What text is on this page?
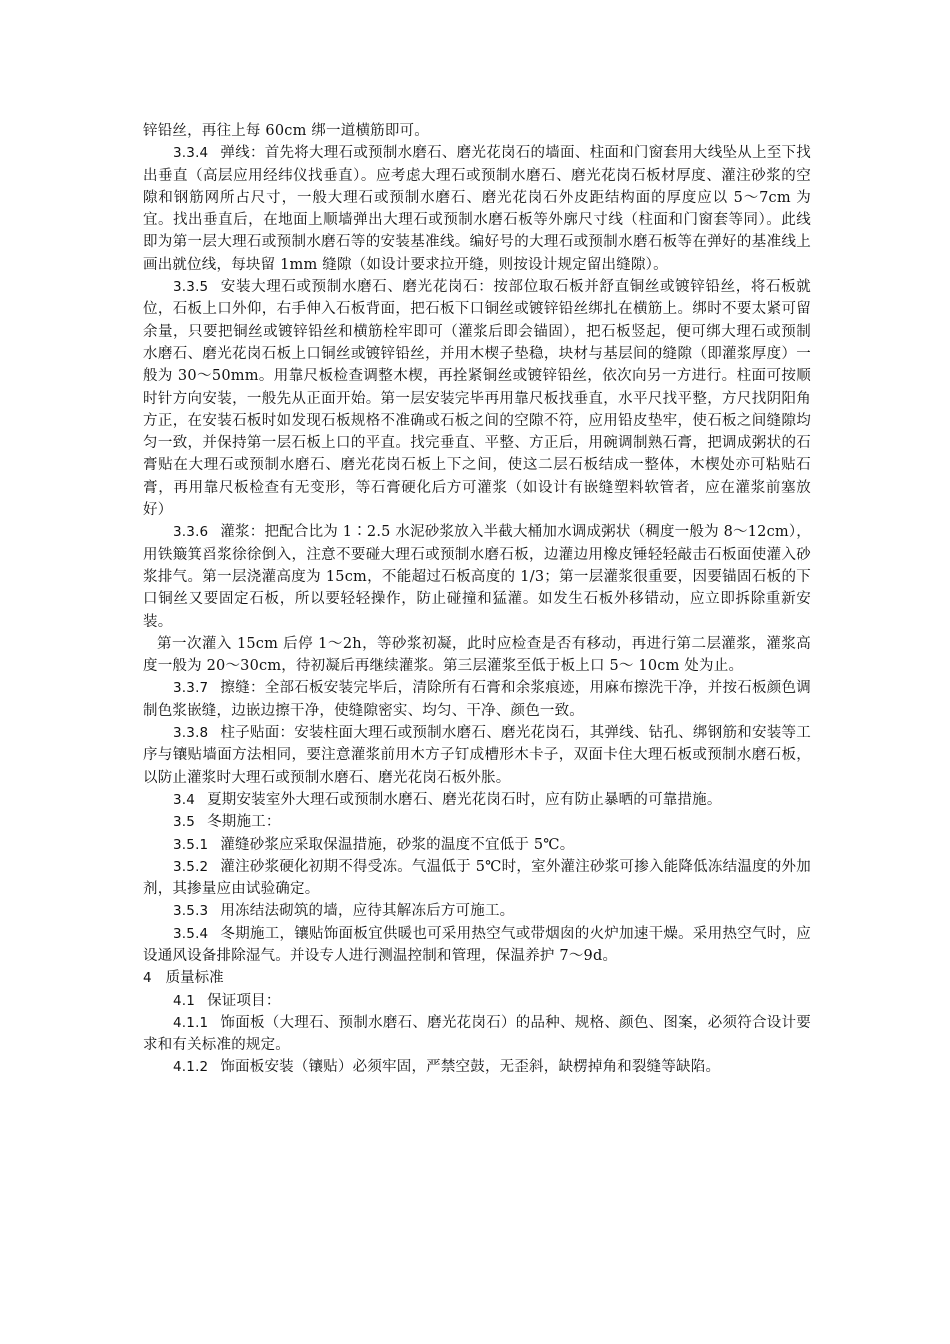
锌铅丝，再往上每 60cm 绑一道横筋即可。

3.3.4 弹线：首先将大理石或预制水磨石、磨光花岗石的墙面、柱面和门窗套用大线坠从上至下找出垂直（高层应用经纬仪找垂直）。应考虑大理石或预制水磨石、磨光花岗石板材厚度、灌注砂浆的空隙和钢筋网所占尺寸，一般大理石或预制水磨石、磨光花岗石外皮距结构面的厚度应以 5～7cm 为宜。找出垂直后，在地面上顺墙弹出大理石或预制水磨石板等外廓尺寸线（柱面和门窗套等同）。此线即为第一层大理石或预制水磨石等的安装基准线。编好号的大理石或预制水磨石板等在弹好的基准线上画出就位线，每块留 1mm 缝隙（如设计要求拉开缝，则按设计规定留出缝隙）。

3.3.5 安装大理石或预制水磨石、磨光花岗石：按部位取石板并舒直铜丝或镀锌铅丝，将石板就位，石板上口外仰，右手伸入石板背面，把石板下口铜丝或镀锌铅丝绑扎在横筋上。绑时不要太紧可留余量，只要把铜丝或镀锌铅丝和横筋栓牢即可（灌浆后即会锚固），把石板竖起，便可绑大理石或预制水磨石、磨光花岗石板上口铜丝或镀锌铅丝，并用木楔子垫稳，块材与基层间的缝隙（即灌浆厚度）一般为 30～50mm。用靠尺板检查调整木楔，再拴紧铜丝或镀锌铅丝，依次向另一方进行。柱面可按顺时针方向安装，一般先从正面开始。第一层安装完毕再用靠尺板找垂直，水平尺找平整，方尺找阴阳角方正，在安装石板时如发现石板规格不准确或石板之间的空隙不符，应用铅皮垫牢，使石板之间缝隙均匀一致，并保持第一层石板上口的平直。找完垂直、平整、方正后，用碗调制熟石膏，把调成粥状的石膏贴在大理石或预制水磨石、磨光花岗石板上下之间，使这二层石板结成一整体，木楔处亦可粘贴石膏，再用靠尺板检查有无变形，等石膏硬化后方可灌浆（如设计有嵌缝塑料软管者，应在灌浆前塞放好）

3.3.6 灌浆：把配合比为 1∶2.5 水泥砂浆放入半截大桶加水调成粥状（稠度一般为 8～12cm），用铁簸箕舀浆徐徐倒入，注意不要碰大理石或预制水磨石板，边灌边用橡皮锤轻轻敲击石板面使灌入砂浆排气。第一层浇灌高度为 15cm，不能超过石板高度的 1/3；第一层灌浆很重要，因要锚固石板的下口铜丝又要固定石板，所以要轻轻操作，防止碰撞和猛灌。如发生石板外移错动，应立即拆除重新安装。

第一次灌入 15cm 后停 1～2h，等砂浆初凝，此时应检查是否有移动，再进行第二层灌浆，灌浆高度一般为 20～30cm，待初凝后再继续灌浆。第三层灌浆至低于板上口 5～ 10cm 处为止。

3.3.7 擦缝：全部石板安装完毕后，清除所有石膏和余浆痕迹，用麻布擦洗干净，并按石板颜色调制色浆嵌缝，边嵌边擦干净，使缝隙密实、均匀、干净、颜色一致。

3.3.8 柱子贴面：安装柱面大理石或预制水磨石、磨光花岗石，其弹线、钻孔、绑钢筋和安装等工序与镶贴墙面方法相同，要注意灌浆前用木方子钉成槽形木卡子，双面卡住大理石板或预制水磨石板，以防止灌浆时大理石或预制水磨石、磨光花岗石板外胀。

3.4 夏期安装室外大理石或预制水磨石、磨光花岗石时，应有防止暴晒的可靠措施。

3.5 冬期施工：

3.5.1 灌缝砂浆应采取保温措施，砂浆的温度不宜低于 5℃。

3.5.2 灌注砂浆硬化初期不得受冻。气温低于 5℃时，室外灌注砂浆可掺入能降低冻结温度的外加剂，其掺量应由试验确定。

3.5.3 用冻结法砌筑的墙，应待其解冻后方可施工。

3.5.4 冬期施工，镶贴饰面板宜供暖也可采用热空气或带烟囱的火炉加速干燥。采用热空气时，应设通风设备排除湿气。并设专人进行测温控制和管理，保温养护 7～9d。

4 质量标准

4.1 保证项目：

4.1.1 饰面板（大理石、预制水磨石、磨光花岗石）的品种、规格、颜色、图案，必须符合设计要求和有关标准的规定。

4.1.2 饰面板安装（镶贴）必须牢固，严禁空鼓，无歪斜，缺楞掉角和裂缝等缺陷。
